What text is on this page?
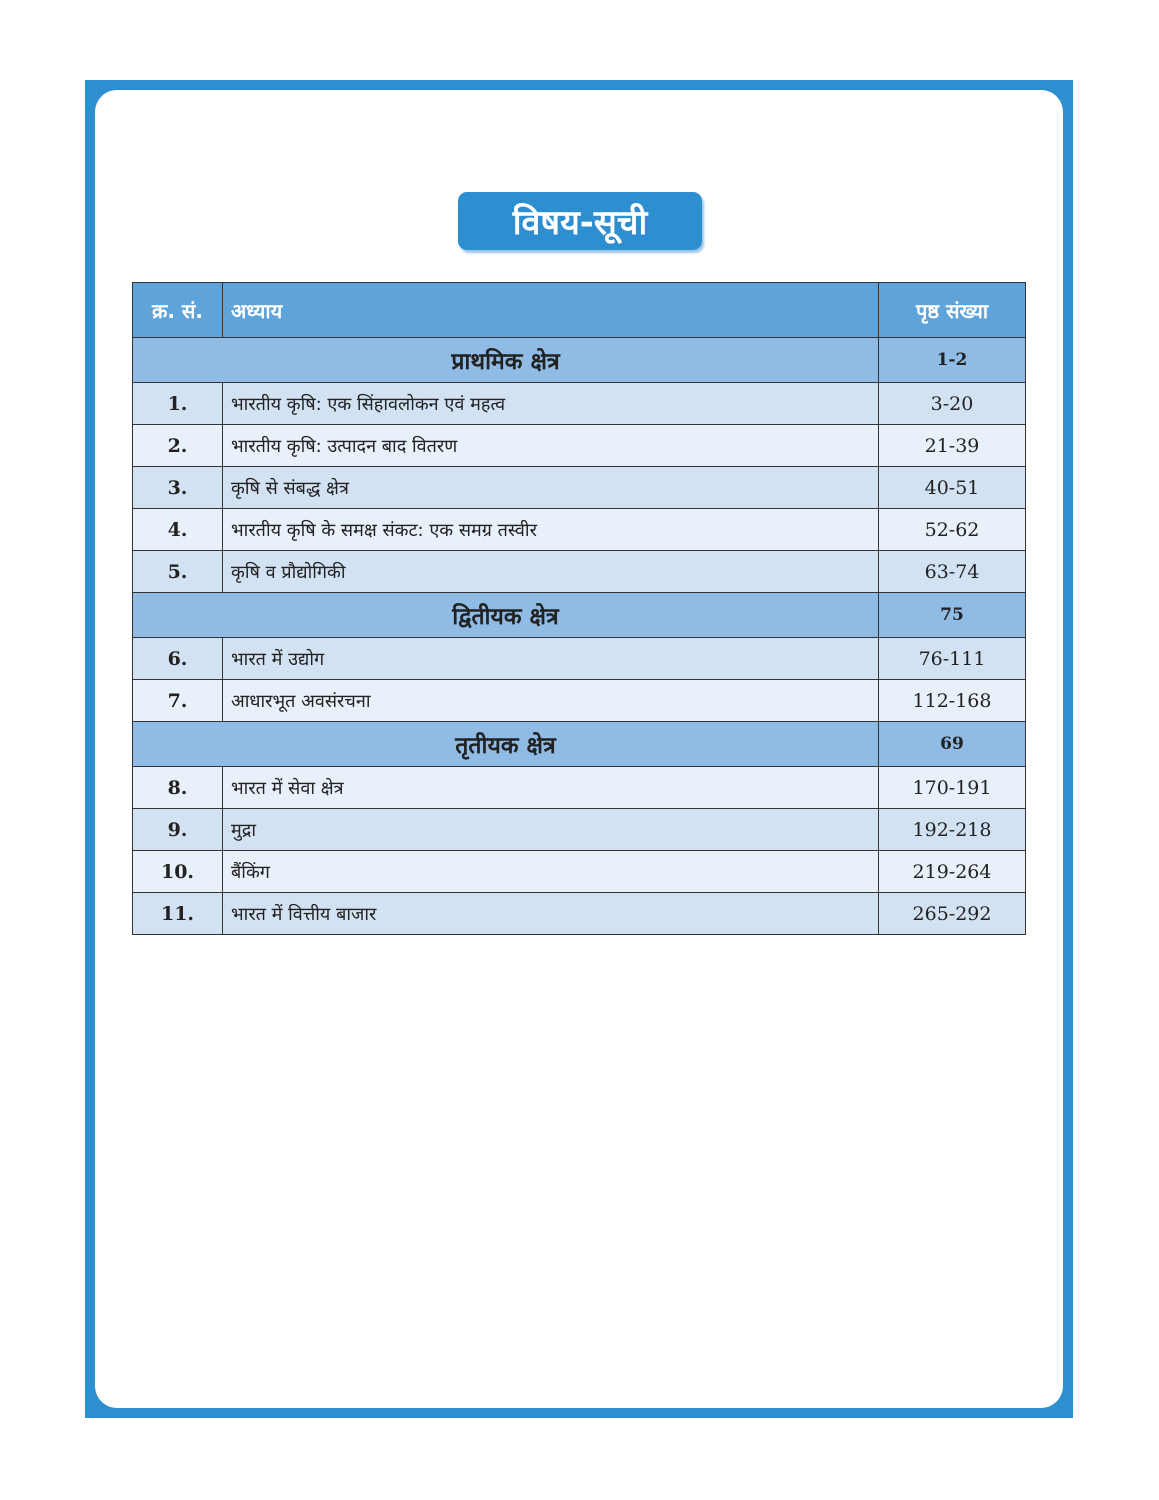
विषय-सूची
क्र. सं.	अध्याय	पृष्ठ संख्या
प्राथमिक क्षेत्र		1-2
1.	भारतीय कृषि: एक सिंहावलोकन एवं महत्व	3-20
2.	भारतीय कृषि: उत्पादन बाद वितरण	21-39
3.	कृषि से संबद्ध क्षेत्र	40-51
4.	भारतीय कृषि के समक्ष संकट: एक समग्र तस्वीर	52-62
5.	कृषि व प्रौद्योगिकी	63-74
द्वितीयक क्षेत्र		75
6.	भारत में उद्योग	76-111
7.	आधारभूत अवसंरचना	112-168
तृतीयक क्षेत्र		69
8.	भारत में सेवा क्षेत्र	170-191
9.	मुद्रा	192-218
10.	बैंकिंग	219-264
11.	भारत में वित्तीय बाजार	265-292
